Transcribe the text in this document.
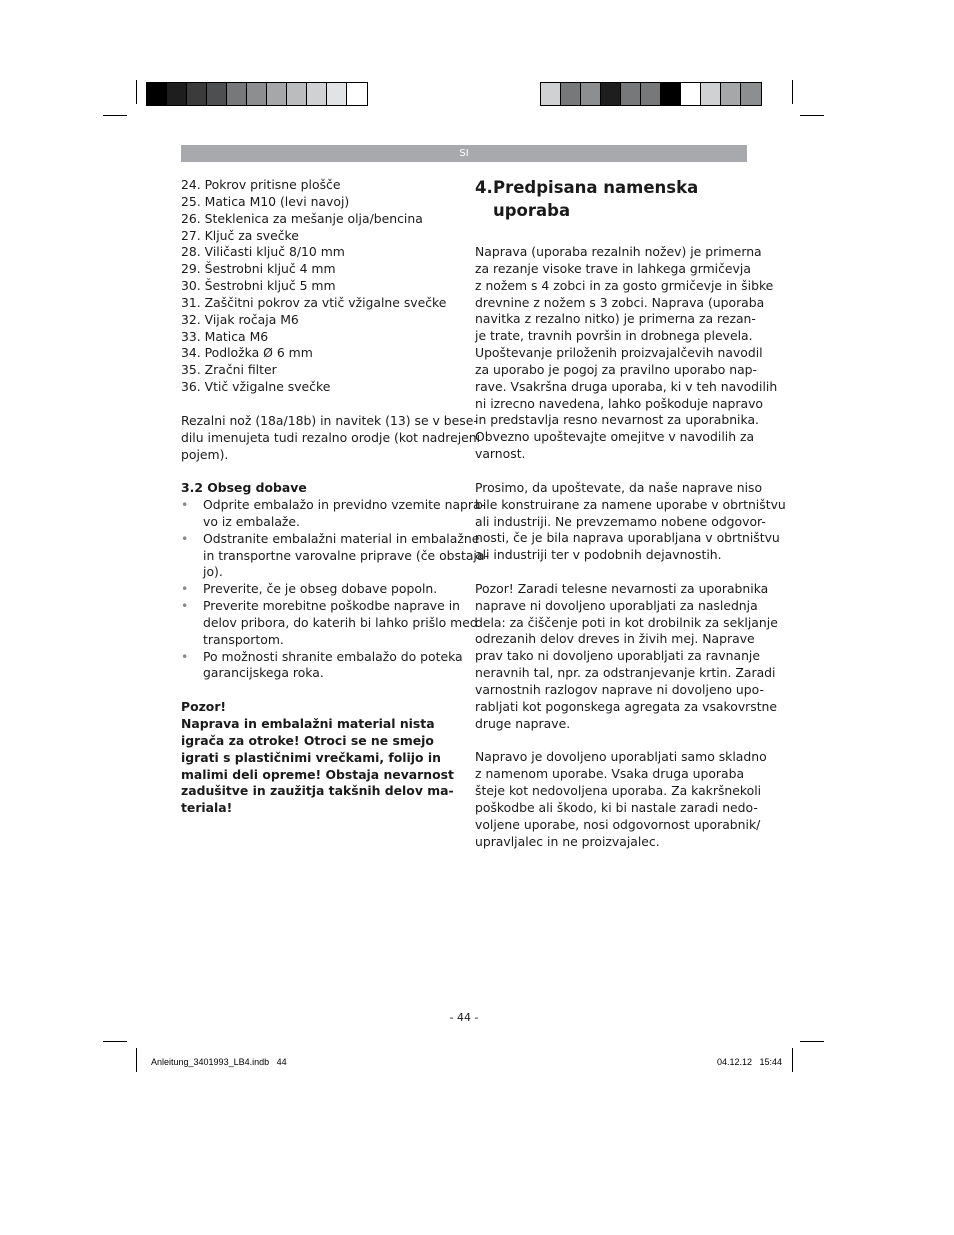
SI
24. Pokrov pritisne plošče
25. Matica M10 (levi navoj)
26. Steklenica za mešanje olja/bencina
27. Ključ za svečke
28. Viličasti ključ 8/10 mm
29. Šestrobni ključ 4 mm
30. Šestrobni ključ 5 mm
31. Zaščitni pokrov za vtič vžigalne svečke
32. Vijak ročaja M6
33. Matica M6
34. Podložka Ø 6 mm
35. Zračni filter
36. Vtič vžigalne svečke
Rezalni nož (18a/18b) in navitek (13) se v bese-
dilu imenujeta tudi rezalno orodje (kot nadrejeni
pojem).

3.2 Obseg dobave

• Odprite embalažo in previdno vzemite napra-
vo iz embalaže.
• Odstranite embalažni material in embalažne
in transportne varovalne priprave (če obstaja-
jo).
• Preverite, če je obseg dobave popoln.
• Preverite morebitne poškodbe naprave in
delov pribora, do katerih bi lahko prišlo med
transportom.
• Po možnosti shranite embalažo do poteka
garancijskega roka.

Pozor!

Naprava in embalažni material nista
igrača za otroke! Otroci se ne smejo
igrati s plastičnimi vrečkami, folijo in
malimi deli opreme! Obstaja nevarnost
zadušitve in zaužitja takšnih delov ma-
teriala!
4.Predpisana namenska
uporaba
Naprava (uporaba rezalnih nožev) je primerna
za rezanje visoke trave in lahkega grmičevja
z nožem s 4 zobci in za gosto grmičevje in šibke
drevnine z nožem s 3 zobci. Naprava (uporaba
navitka z rezalno nitko) je primerna za rezan-
je trate, travnih površin in drobnega plevela.
Upoštevanje priloženih proizvajalčevih navodil
za uporabo je pogoj za pravilno uporabo nap-
rave. Vsakršna druga uporaba, ki v teh navodilih
ni izrecno navedena, lahko poškoduje napravo
in predstavlja resno nevarnost za uporabnika.
Obvezno upoštevajte omejitve v navodilih za
varnost.
Prosimo, da upoštevate, da naše naprave niso
bile konstruirane za namene uporabe v obrtništvu
ali industriji. Ne prevzemamo nobene odgovor-
nosti, če je bila naprava uporabljana v obrtništvu
ali industriji ter v podobnih dejavnostih.
Pozor! Zaradi telesne nevarnosti za uporabnika
naprave ni dovoljeno uporabljati za naslednja
dela: za čiščenje poti in kot drobilnik za sekljanje
odrezanih delov dreves in živih mej. Naprave
prav tako ni dovoljeno uporabljati za ravnanje
neravnih tal, npr. za odstranjevanje krtin. Zaradi
varnostnih razlogov naprave ni dovoljeno upo-
rabljati kot pogonskega agregata za vsakovrstne
druge naprave.
Napravo je dovoljeno uporabljati samo skladno
z namenom uporabe. Vsaka druga uporaba
šteje kot nedovoljena uporaba. Za kakršnekoli
poškodbe ali škodo, ki bi nastale zaradi nedo-
voljene uporabe, nosi odgovornost uporabnik/
upravljalec in ne proizvajalec.
- 44 -
Anleitung_3401993_LB4.indb   44	04.12.12   15:44
